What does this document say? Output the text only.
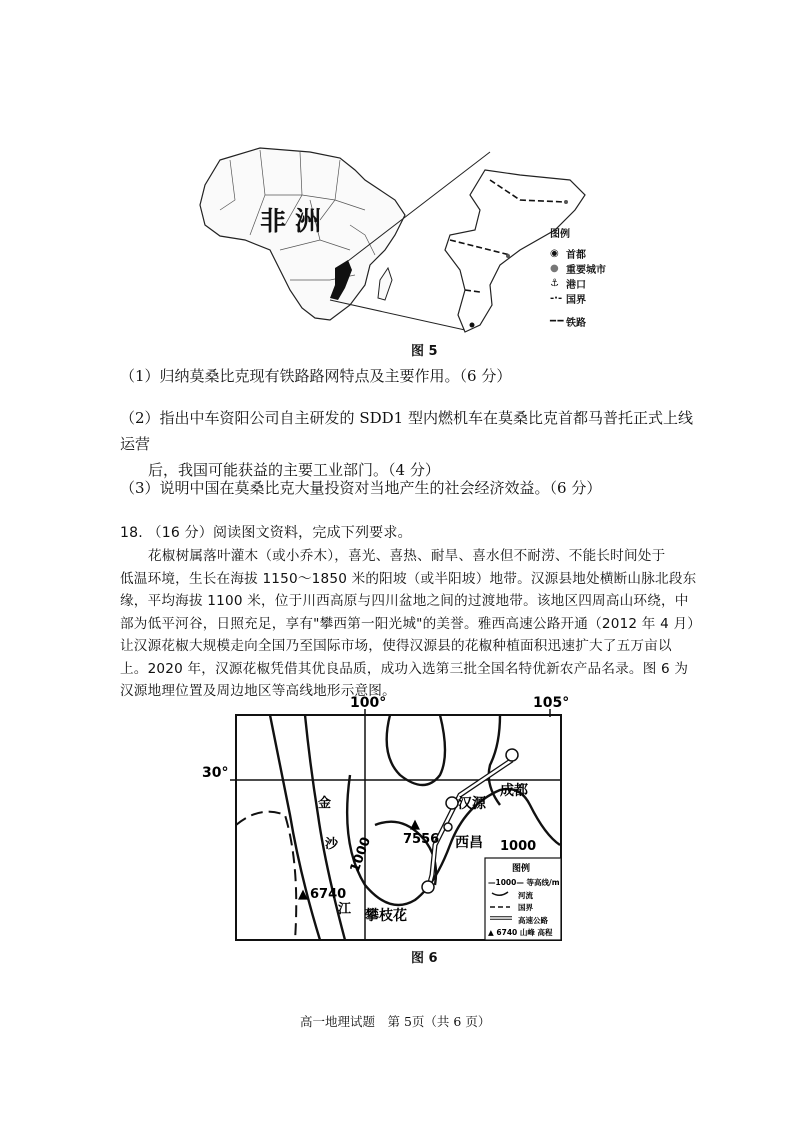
非 洲	图例
◉ 首都
● 重要城市
⚓ 港口
-·- 国界
━ ━ 铁路
图 5
（1）归纳莫桑比克现有铁路路网特点及主要作用。（6 分）
（2）指出中车资阳公司自主研发的 SDD1 型内燃机车在莫桑比克首都马普托正式上线运营
后，我国可能获益的主要工业部门。（4 分）
（3）说明中国在莫桑比克大量投资对当地产生的社会经济效益。（6 分）
18. （16 分）阅读图文资料，完成下列要求。
花椒树属落叶灌木（或小乔木），喜光、喜热、耐旱、喜水但不耐涝、不能长时间处于
低温环境，生长在海拔 1150～1850 米的阳坡（或半阳坡）地带。汉源县地处横断山脉北段东
缘，平均海拔 1100 米，位于川西高原与四川盆地之间的过渡地带。该地区四周高山环绕，中
部为低平河谷，日照充足，享有"攀西第一阳光城"的美誉。雅西高速公路开通（2012 年 4 月）
让汉源花椒大规模走向全国乃至国际市场，使得汉源县的花椒种植面积迅速扩大了五万亩以
上。2020 年，汉源花椒凭借其优良品质，成功入选第三批全国名特优新农产品名录。图 6 为
汉源地理位置及周边地区等高线地形示意图。
100°	105°
30°
成都
汉源
西昌
攀枝花
金
沙
江
1000	1000
▲
7556
▲ 6740
图例
—1000— 等高线/m
河流
国界
高速公路
▲ 6740 山峰 高程
图 6
高一地理试题　第 5页（共 6 页）
